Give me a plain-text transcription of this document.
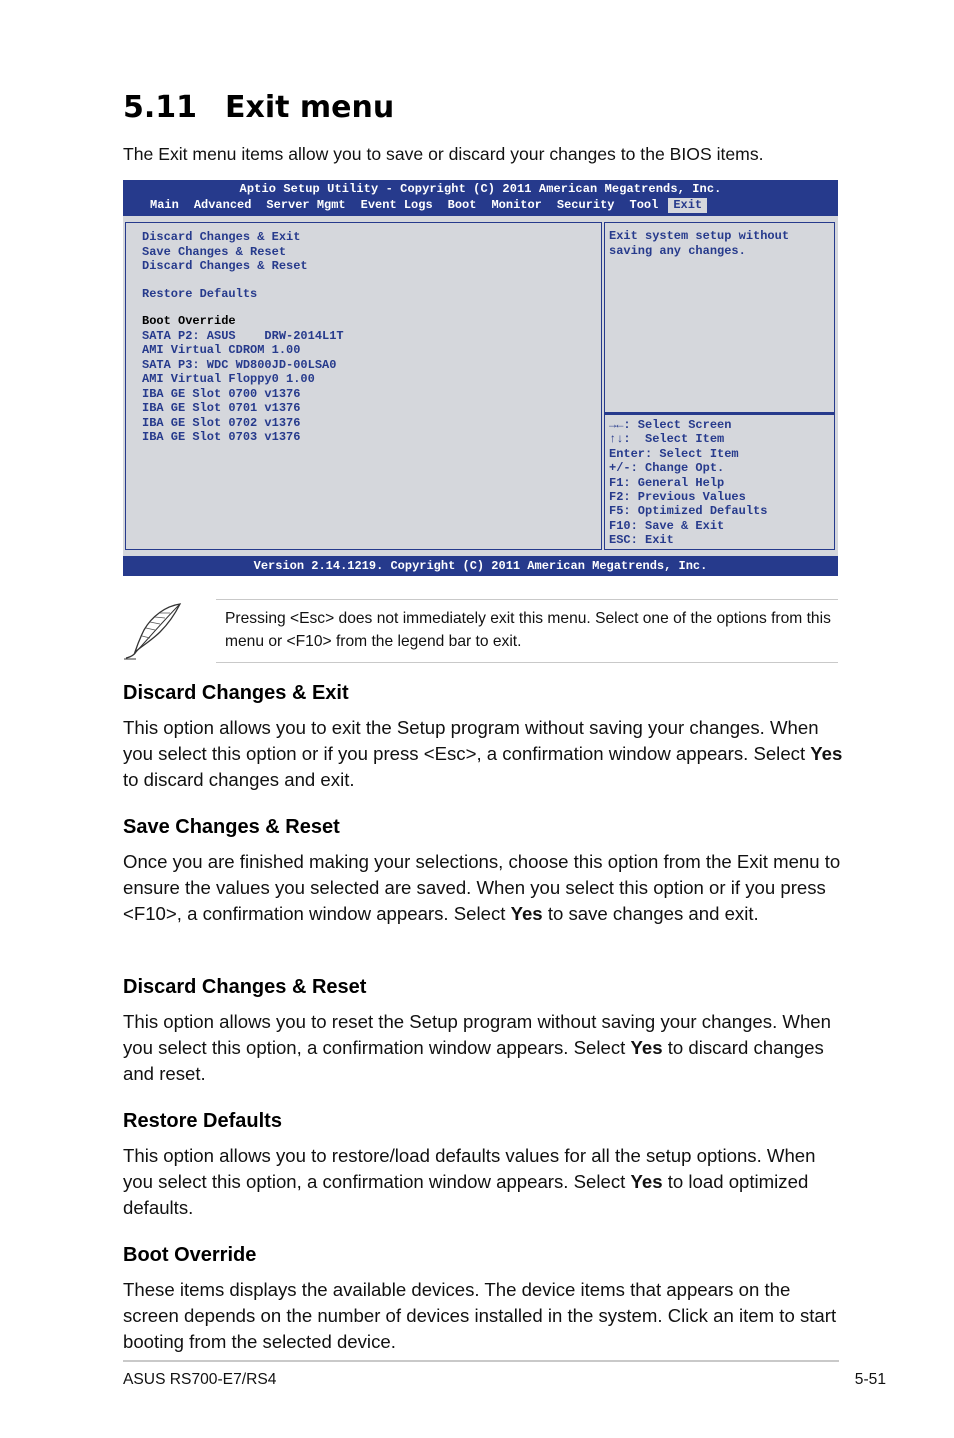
5.11 Exit menu

The Exit menu items allow you to save or discard your changes to the BIOS items.

Aptio Setup Utility - Copyright (C) 2011 American Megatrends, Inc.
Main	Advanced	Server Mgmt	Event Logs	Boot	Monitor	Security	Tool	Exit
Discard Changes & Exit
Save Changes & Reset
Discard Changes & Reset
Restore Defaults
Boot Override
SATA P2: ASUS    DRW-2014L1T
AMI Virtual CDROM 1.00
SATA P3: WDC WD800JD-00LSA0
AMI Virtual Floppy0 1.00
IBA GE Slot 0700 v1376
IBA GE Slot 0701 v1376
IBA GE Slot 0702 v1376
IBA GE Slot 0703 v1376
Exit system setup without saving any changes.
→←: Select Screen
↑↓:  Select Item
Enter: Select Item
+/-: Change Opt.
F1: General Help
F2: Previous Values
F5: Optimized Defaults
F10: Save & Exit
ESC: Exit
Version 2.14.1219. Copyright (C) 2011 American Megatrends, Inc.

Pressing <Esc> does not immediately exit this menu. Select one of the options from this menu or <F10> from the legend bar to exit.

Discard Changes & Exit

This option allows you to exit the Setup program without saving your changes. When you select this option or if you press <Esc>, a confirmation window appears. Select Yes to discard changes and exit.

Save Changes & Reset

Once you are finished making your selections, choose this option from the Exit menu to ensure the values you selected are saved. When you select this option or if you press <F10>, a confirmation window appears. Select Yes to save changes and exit.

Discard Changes & Reset

This option allows you to reset the Setup program without saving your changes. When you select this option, a confirmation window appears. Select Yes to discard changes and reset.

Restore Defaults

This option allows you to restore/load defaults values for all the setup options. When you select this option, a confirmation window appears. Select Yes to load optimized defaults.

Boot Override

These items displays the available devices. The device items that appears on the screen depends on the number of devices installed in the system. Click an item to start booting from the selected device.

ASUS RS700-E7/RS4	5-51
